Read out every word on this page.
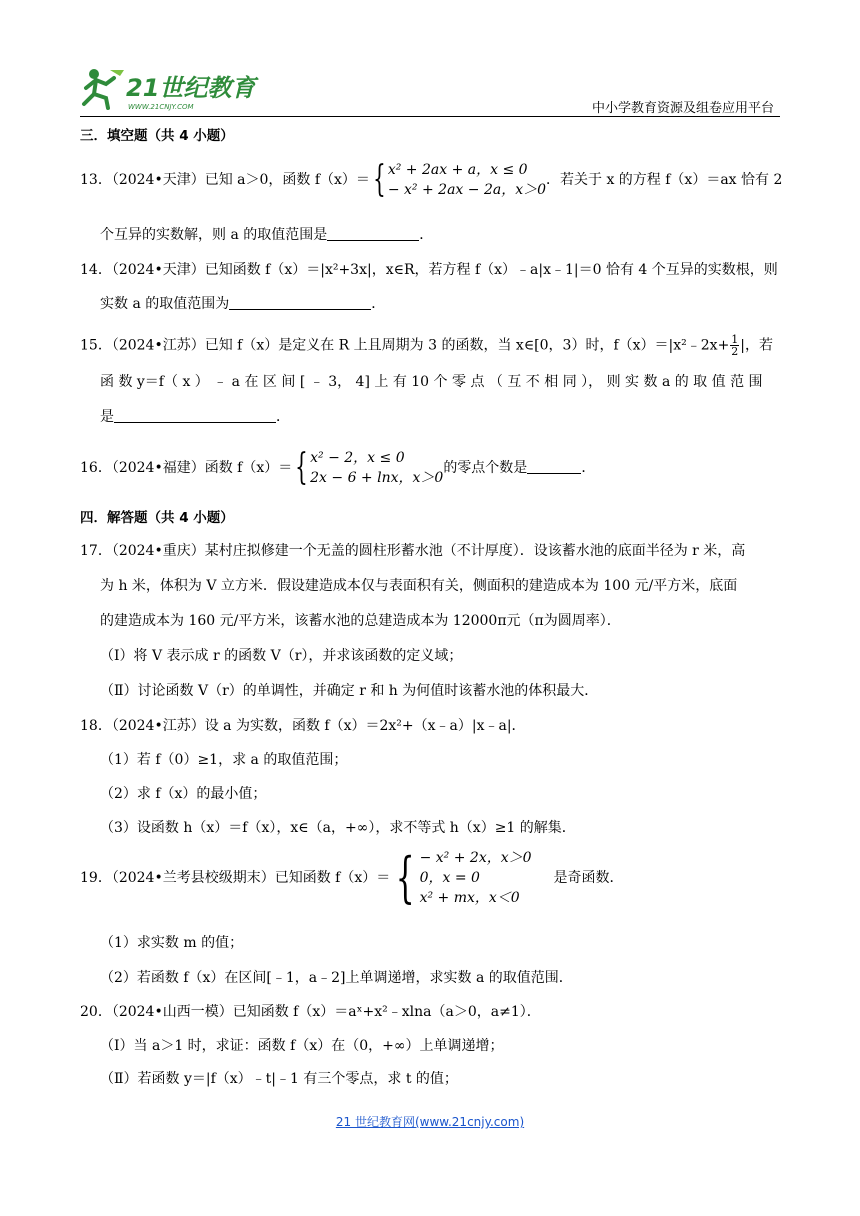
21世纪教育
WWW.21CNJY.COM	中小学教育资源及组卷应用平台
三．填空题（共 4 小题）
13．（2024•天津）已知 a＞0，函数 f（x）＝{ x² + 2ax + a，x ≤ 0
− x² + 2ax − 2a，x＞0
．若关于 x 的方程 f（x）＝ax 恰有 2
个互异的实数解，则 a 的取值范围是	．
14．（2024•天津）已知函数 f（x）＝|x²+3x|，x∈R，若方程 f（x）﹣a|x﹣1|＝0 恰有 4 个互异的实数根，则
实数 a 的取值范围为	．
15．（2024•江苏）已知 f（x）是定义在 R 上且周期为 3 的函数，当 x∈[0，3）时，f（x）＝|x²﹣2x+ $\frac{1}{2}$ |，若
函 数 y＝f（ x ） ﹣ a 在 区 间 [ ﹣ 3， 4] 上 有 10 个 零 点 （ 互 不 相 同 ）， 则 实 数 a 的 取 值 范 围
是	．
16．（2024•福建）函数 f（x）＝{ x² − 2，x ≤ 0
2x − 6 + lnx，x＞0
的零点个数是	．
四．解答题（共 4 小题）
17．（2024•重庆）某村庄拟修建一个无盖的圆柱形蓄水池（不计厚度）．设该蓄水池的底面半径为 r 米，高
为 h 米，体积为 V 立方米．假设建造成本仅与表面积有关，侧面积的建造成本为 100 元/平方米，底面
的建造成本为 160 元/平方米，该蓄水池的总建造成本为 12000π元（π为圆周率）．
（Ⅰ）将 V 表示成 r 的函数 V（r），并求该函数的定义域；
（Ⅱ）讨论函数 V（r）的单调性，并确定 r 和 h 为何值时该蓄水池的体积最大．
18．（2024•江苏）设 a 为实数，函数 f（x）＝2x²+（x﹣a）|x﹣a|．
（1）若 f（0）≥1，求 a 的取值范围；
（2）求 f（x）的最小值；
（3）设函数 h（x）＝f（x），x∈（a，+∞），求不等式 h（x）≥1 的解集．
19．（2024•兰考县校级期末）已知函数 f（x）＝ { − x² + 2x，x＞0
0，x = 0
x² + mx，x＜0
是奇函数．
（1）求实数 m 的值；
（2）若函数 f（x）在区间[﹣1，a﹣2]上单调递增，求实数 a 的取值范围．
20．（2024•山西一模）已知函数 f（x）＝aˣ+x²﹣xlna（a＞0，a≠1）．
（Ⅰ）当 a＞1 时，求证：函数 f（x）在（0，+∞）上单调递增；
（Ⅱ）若函数 y＝|f（x）﹣t|﹣1 有三个零点，求 t 的值；
21 世纪教育网(www.21cnjy.com)
